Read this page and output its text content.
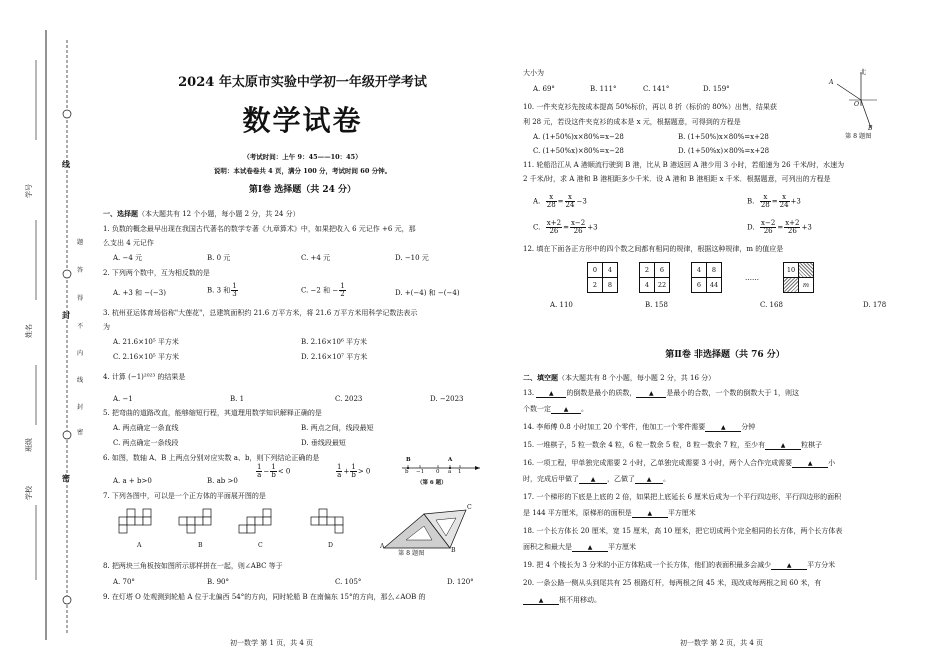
线
封
密
学号
姓名
班级
学校
题
答
得
不
内
线
封
密
2024 年太原市实验中学初一年级开学考试
数学试卷
（考试时间：上午 9：45——10：45）
说明：本试卷卷共 4 页，满分 100 分，考试时间 60 分钟。
第Ⅰ卷 选择题（共 24 分）
一、选择题（本大题共有 12 个小题，每小题 2 分，共 24 分）
1. 负数的概念最早出现在我国古代著名的数学专著《九章算术》中，如果把收入 6 元记作 +6 元，那
么支出 4 元记作
A. −4 元	B. 0 元	C. +4 元	D. −10 元
2. 下列两个数中，互为相反数的是
A. +3 和 −(−3)	B. 3 和 $\frac{1}{3}$	C. −2 和 − $\frac{1}{2}$	D. +(−4) 和 −(−4)
3. 杭州亚运体育场俗称"大莲花"，总建筑面积约 21.6 万平方米，将 21.6 万平方米用科学记数法表示
为
A. 21.6×10⁵ 平方米	B. 2.16×10⁶ 平方米
C. 2.16×10⁵ 平方米	D. 2.16×10⁷ 平方米
4. 计算 (−1)²⁰²³ 的结果是
A. −1	B. 1	C. 2023	D. −2023
5. 把弯曲的道路改直，能够缩短行程，其道理用数学知识解释正确的是
A. 两点确定一条直线	B. 两点之间，线段最短
C. 两点确定一条线段	D. 垂线段最短
6. 如图，数轴 A、B 上两点分别对应实数 a、b，则下列结论正确的是
$\frac{1}{a} - \frac{1}{b} < 0$	$\frac{1}{a} + \frac{1}{b} > 0$
A. a + b>0	B. ab >0
B	A
b −1 0 a 1
（第 6 题）
7. 下列各图中，可以是一个正方体的平面展开图的是
A	B	C	D	A
B
C
第 8 题图
8. 把两块三角板按如图所示那样拼在一起，则∠ABC 等于
A. 70°	B. 90°	C. 105°	D. 120°
9. 在灯塔 O 处观测到轮船 A 位于北偏西 54°的方向，同时轮船 B 在南偏东 15°的方向，那么∠AOB 的
初一数学 第 1 页，共 4 页
大小为
A. 69°	B. 111°	C. 141°	D. 159°
北
A
O
B
第 8 题图
10. 一件夹克衫先按成本提高 50%标价，再以 8 折（标价的 80%）出售，结果获
利 28 元，若设这件夹克衫的成本是 x 元，根据题意，可得到的方程是
A. (1+50%)x×80%=x−28	B. (1+50%)x×80%=x+28
C. (1+50%x)×80%=x−28	D. (1+50%x)×80%=x+28
11. 轮船沿江从 A 港顺流行驶到 B 港，比从 B 港返回 A 港少用 3 小时，若船速为 26 千米/时，水速为
2 千米/时，求 A 港和 B 港相距多少千米．设 A 港和 B 港相距 x 千米．根据题意，可列出的方程是
A. $\frac{x}{28} = \frac{x}{24} -3$	B. $\frac{x}{28} = \frac{x}{24} +3$
C. $\frac{x+2}{26} = \frac{x-2}{26} +3$	D. $\frac{x-2}{26} = \frac{x+2}{26} +3$
12. 填在下面各正方形中的四个数之间都有相同的规律，根据这种规律，m 的值应是
0	4
2	8
2	6
4	22
4	8
6	44
……
10	
	m
A. 110	B. 158	C. 168	D. 178
第Ⅱ卷 非选择题（共 76 分）
二、填空题（本大题共有 8 个小题，每小题 2 分，共 16 分）
13. ▲ 的倒数是最小的质数， ▲ 是最小的合数，一个数的倒数大于 1，则这
个数一定 ▲ 。
14. 李师傅 0.8 小时加工 20 个零件，他加工一个零件需要	▲ 分钟
15. 一堆棋子，5 粒一数余 4 粒，6 粒一数余 5 粒，8 粒一数余 7 粒，至少有	▲ 粒棋子
16. 一项工程，甲单独完成需要 2 小时，乙单独完成需要 3 小时，两个人合作完成需要	▲ 小
时，完成后甲做了 ▲ ，乙做了 ▲ 。
17. 一个梯形的下底是上底的 2 倍，如果把上底延长 6 厘米后成为一个平行四边形，平行四边形的面积
是 144 平方厘米，原梯形的面积是	▲ 平方厘米
18. 一个长方体长 20 厘米，宽 15 厘米，高 10 厘米，把它切成两个完全相同的长方体，两个长方体表
面积之和最大是	▲ 平方厘米
19. 把 4 个棱长为 3 分米的小正方体粘成一个长方体，他们的表面积最多会减少	▲ 平方分米
20. 一条公路一侧从头到尾共有 25 根路灯杆，每两根之间 45 米，现改成每两根之间 60 米，有
▲ 根不用移动。
初一数学 第 2 页，共 4 页
